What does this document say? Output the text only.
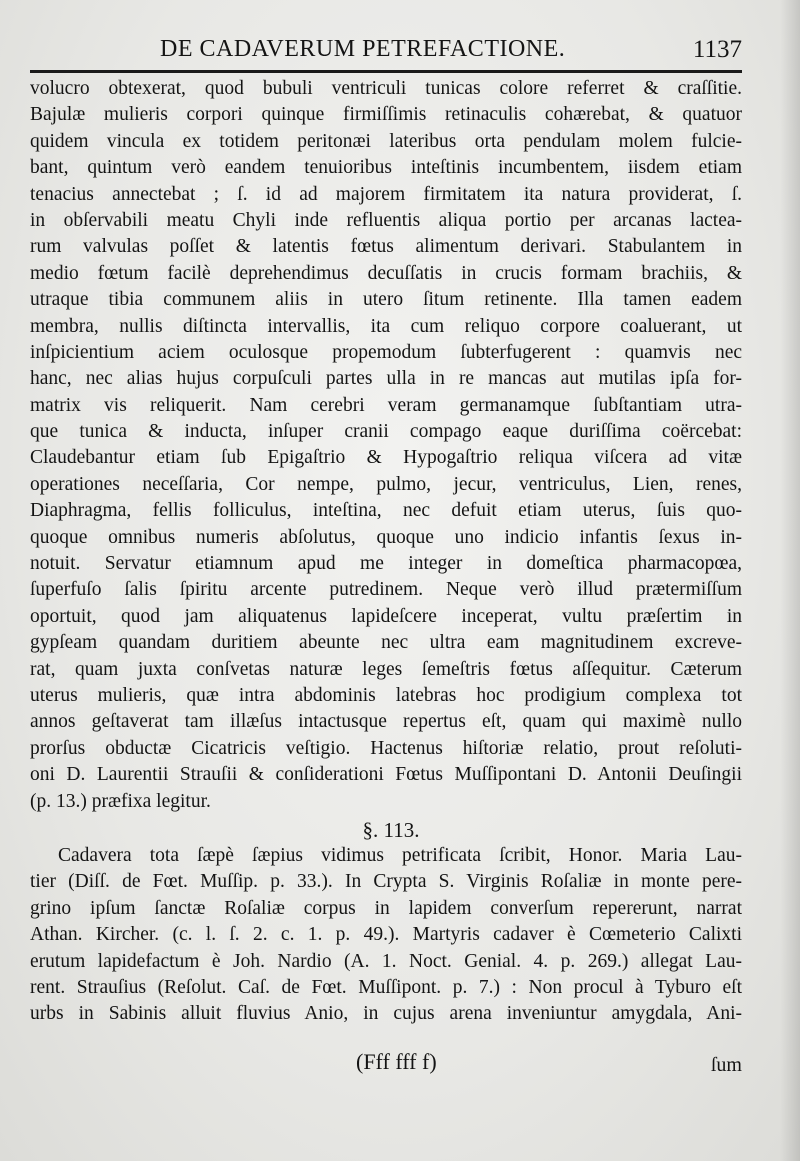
DE CADAVERUM PETREFACTIONE.	1137
volucro obtexerat, quod bubuli ventriculi tunicas colore referret & craſſitie.
Bajulæ mulieris corpori quinque firmiſſimis retinaculis cohærebat, & quatuor
quidem vincula ex totidem peritonæi lateribus orta pendulam molem fulcie-
bant, quintum verò eandem tenuioribus inteſtinis incumbentem, iisdem etiam
tenacius annectebat ; ſ. id ad majorem firmitatem ita natura providerat, ſ.
in obſervabili meatu Chyli inde refluentis aliqua portio per arcanas lactea-
rum valvulas poſſet & latentis fœtus alimentum derivari. Stabulantem in
medio fœtum facilè deprehendimus decuſſatis in crucis formam brachiis, &
utraque tibia communem aliis in utero ſitum retinente. Illa tamen eadem
membra, nullis diſtincta intervallis, ita cum reliquo corpore coaluerant, ut
inſpicientium aciem oculosque propemodum ſubterfugerent : quamvis nec
hanc, nec alias hujus corpuſculi partes ulla in re mancas aut mutilas ipſa for-
matrix vis reliquerit. Nam cerebri veram germanamque ſubſtantiam utra-
que tunica & inducta, inſuper cranii compago eaque duriſſima coërcebat:
Claudebantur etiam ſub Epigaſtrio & Hypogaſtrio reliqua viſcera ad vitæ
operationes neceſſaria, Cor nempe, pulmo, jecur, ventriculus, Lien, renes,
Diaphragma, fellis folliculus, inteſtina, nec defuit etiam uterus, ſuis quo-
quoque omnibus numeris abſolutus, quoque uno indicio infantis ſexus in-
notuit. Servatur etiamnum apud me integer in domeſtica pharmacopœa,
ſuperfuſo ſalis ſpiritu arcente putredinem. Neque verò illud prætermiſſum
oportuit, quod jam aliquatenus lapideſcere inceperat, vultu præſertim in
gypſeam quandam duritiem abeunte nec ultra eam magnitudinem excreve-
rat, quam juxta conſvetas naturæ leges ſemeſtris fœtus aſſequitur. Cæterum
uterus mulieris, quæ intra abdominis latebras hoc prodigium complexa tot
annos geſtaverat tam illæſus intactusque repertus eſt, quam qui maximè nullo
prorſus obductæ Cicatricis veſtigio. Hactenus hiſtoriæ relatio, prout reſoluti-
oni D. Laurentii Strauſii & conſiderationi Fœtus Muſſipontani D. Antonii Deuſingii
(p. 13.) præfixa legitur.
§. 113.
Cadavera tota ſæpè ſæpius vidimus petrificata ſcribit, Honor. Maria Lau-
tier (Diſſ. de Fœt. Muſſip. p. 33.). In Crypta S. Virginis Roſaliæ in monte pere-
grino ipſum ſanctæ Roſaliæ corpus in lapidem converſum repererunt, narrat
Athan. Kircher. (c. l. ſ. 2. c. 1. p. 49.). Martyris cadaver è Cœmeterio Calixti
erutum lapidefactum è Joh. Nardio (A. 1. Noct. Genial. 4. p. 269.) allegat Lau-
rent. Strauſius (Reſolut. Caſ. de Fœt. Muſſipont. p. 7.) : Non procul à Tyburo eſt
urbs in Sabinis alluit fluvius Anio, in cujus arena inveniuntur amygdala, Ani-
(Fff fff f)	ſum
